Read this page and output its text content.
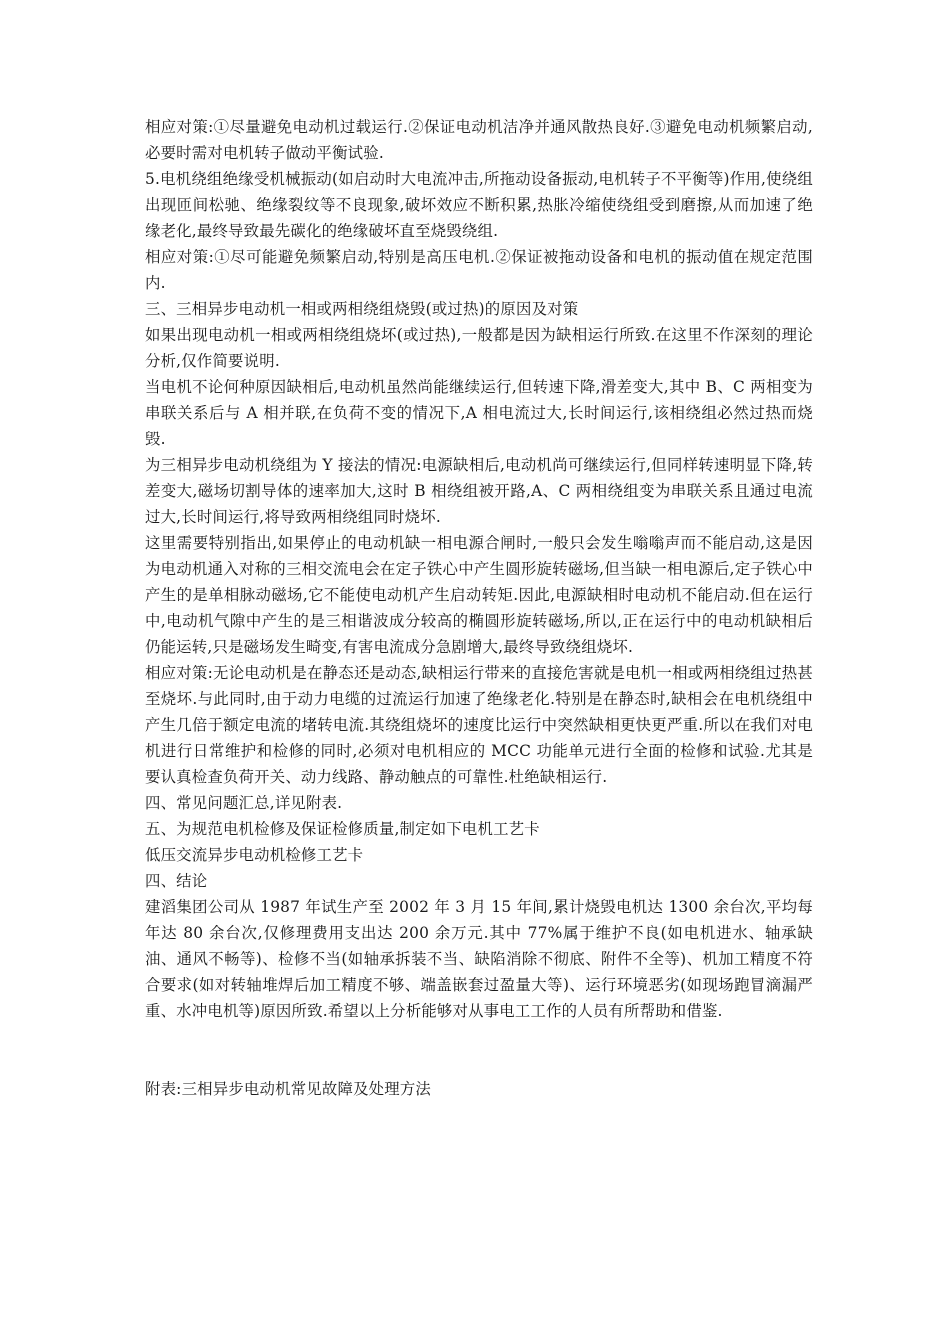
相应对策:①尽量避免电动机过载运行.②保证电动机洁净并通风散热良好.③避免电动机频繁启动,必要时需对电机转子做动平衡试验.

5.电机绕组绝缘受机械振动(如启动时大电流冲击,所拖动设备振动,电机转子不平衡等)作用,使绕组出现匝间松驰、绝缘裂纹等不良现象,破坏效应不断积累,热胀冷缩使绕组受到磨擦,从而加速了绝缘老化,最终导致最先碳化的绝缘破坏直至烧毁绕组.

相应对策:①尽可能避免频繁启动,特别是高压电机.②保证被拖动设备和电机的振动值在规定范围内.

三、三相异步电动机一相或两相绕组烧毁(或过热)的原因及对策

如果出现电动机一相或两相绕组烧坏(或过热),一般都是因为缺相运行所致.在这里不作深刻的理论分析,仅作简要说明.

当电机不论何种原因缺相后,电动机虽然尚能继续运行,但转速下降,滑差变大,其中 B、C 两相变为串联关系后与 A 相并联,在负荷不变的情况下,A 相电流过大,长时间运行,该相绕组必然过热而烧毁.

为三相异步电动机绕组为 Y 接法的情况:电源缺相后,电动机尚可继续运行,但同样转速明显下降,转差变大,磁场切割导体的速率加大,这时 B 相绕组被开路,A、C 两相绕组变为串联关系且通过电流过大,长时间运行,将导致两相绕组同时烧坏.

这里需要特别指出,如果停止的电动机缺一相电源合闸时,一般只会发生嗡嗡声而不能启动,这是因为电动机通入对称的三相交流电会在定子铁心中产生圆形旋转磁场,但当缺一相电源后,定子铁心中产生的是单相脉动磁场,它不能使电动机产生启动转矩.因此,电源缺相时电动机不能启动.但在运行中,电动机气隙中产生的是三相谐波成分较高的椭圆形旋转磁场,所以,正在运行中的电动机缺相后仍能运转,只是磁场发生畸变,有害电流成分急剧增大,最终导致绕组烧坏.

相应对策:无论电动机是在静态还是动态,缺相运行带来的直接危害就是电机一相或两相绕组过热甚至烧坏.与此同时,由于动力电缆的过流运行加速了绝缘老化.特别是在静态时,缺相会在电机绕组中产生几倍于额定电流的堵转电流.其绕组烧坏的速度比运行中突然缺相更快更严重.所以在我们对电机进行日常维护和检修的同时,必须对电机相应的 MCC 功能单元进行全面的检修和试验.尤其是要认真检查负荷开关、动力线路、静动触点的可靠性.杜绝缺相运行.

四、常见问题汇总,详见附表.

五、为规范电机检修及保证检修质量,制定如下电机工艺卡

低压交流异步电动机检修工艺卡

四、结论

建滔集团公司从 1987 年试生产至 2002 年 3 月 15 年间,累计烧毁电机达 1300 余台次,平均每年达 80 余台次,仅修理费用支出达 200 余万元.其中 77%属于维护不良(如电机进水、轴承缺油、通风不畅等)、检修不当(如轴承拆装不当、缺陷消除不彻底、附件不全等)、机加工精度不符合要求(如对转轴堆焊后加工精度不够、端盖嵌套过盈量大等)、运行环境恶劣(如现场跑冒滴漏严重、水冲电机等)原因所致.希望以上分析能够对从事电工工作的人员有所帮助和借鉴.

附表:三相异步电动机常见故障及处理方法
